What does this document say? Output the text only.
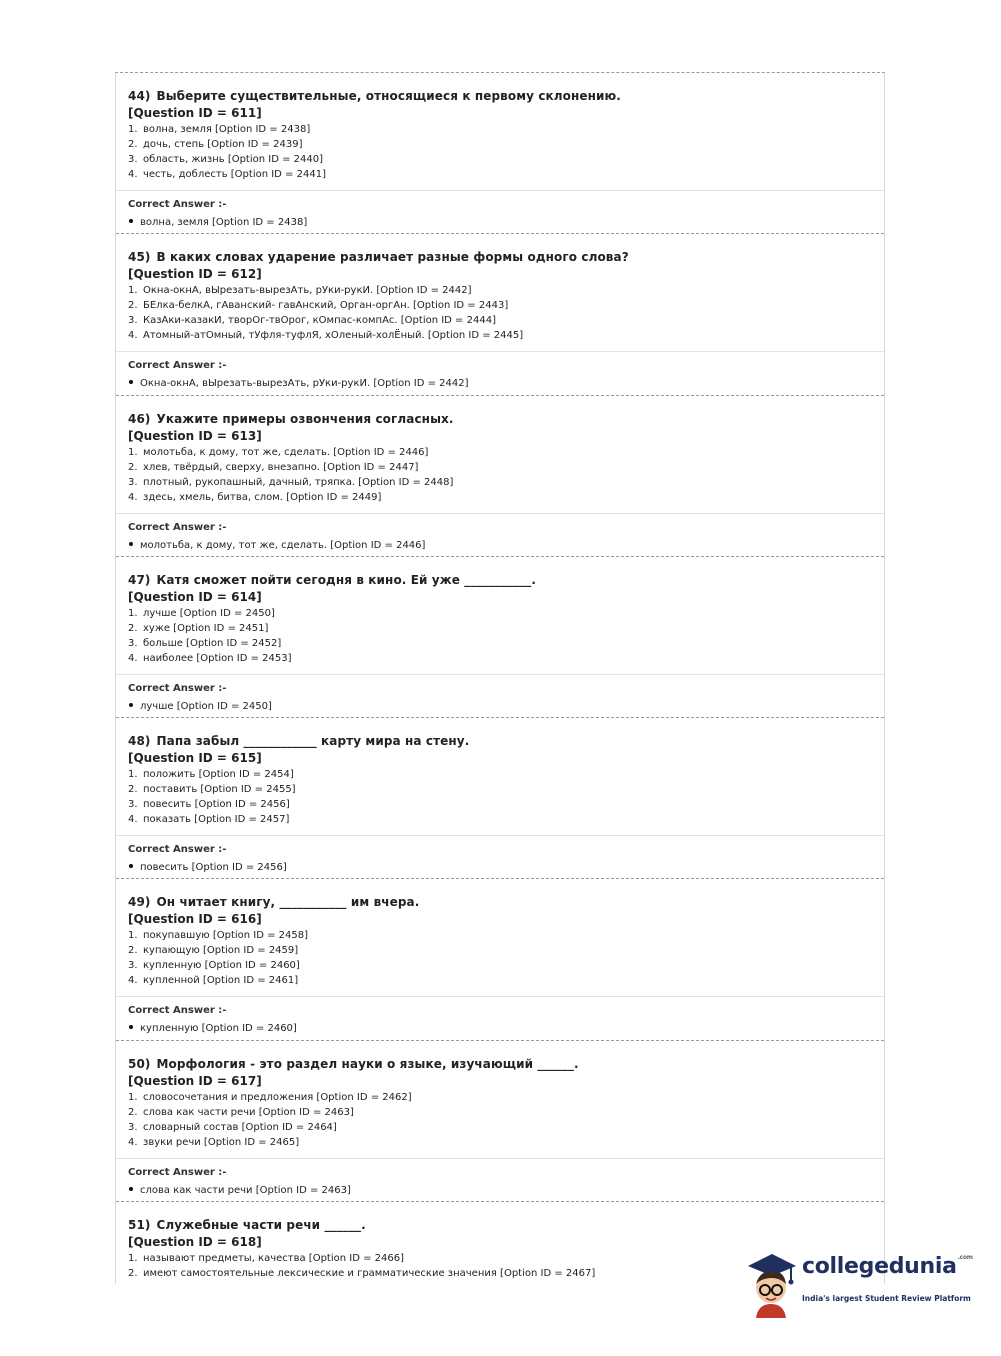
44) Выберите существительные, относящиеся к первому склонению.
[Question ID = 611]
1. волна, земля [Option ID = 2438]
2. дочь, степь [Option ID = 2439]
3. область, жизнь [Option ID = 2440]
4. честь, доблесть [Option ID = 2441]
Correct Answer :-
волна, земля [Option ID = 2438]
45) В каких словах ударение различает разные формы одного слова?
[Question ID = 612]
1. Окна-окнА, вЫрезать-вырезАть, рУки-рукИ. [Option ID = 2442]
2. БЕлка-белкА, гАванский- гавАнский, Орган-оргАн. [Option ID = 2443]
3. КазАки-казакИ, творОг-твОрог, кОмпас-компАс. [Option ID = 2444]
4. Атомный-атОмный, тУфля-туфлЯ, хОленый-холЁный. [Option ID = 2445]
Correct Answer :-
Окна-окнА, вЫрезать-вырезАть, рУки-рукИ. [Option ID = 2442]
46) Укажите примеры озвончения согласных.
[Question ID = 613]
1. молотьба, к дому, тот же, сделать. [Option ID = 2446]
2. хлев, твёрдый, сверху, внезапно. [Option ID = 2447]
3. плотный, рукопашный, дачный, тряпка. [Option ID = 2448]
4. здесь, хмель, битва, слом. [Option ID = 2449]
Correct Answer :-
молотьба, к дому, тот же, сделать. [Option ID = 2446]
47) Катя сможет пойти сегодня в кино. Ей уже ___________.
[Question ID = 614]
1. лучше [Option ID = 2450]
2. хуже [Option ID = 2451]
3. больше [Option ID = 2452]
4. наиболее [Option ID = 2453]
Correct Answer :-
лучше [Option ID = 2450]
48) Папа забыл ____________ карту мира на стену.
[Question ID = 615]
1. положить [Option ID = 2454]
2. поставить [Option ID = 2455]
3. повесить [Option ID = 2456]
4. показать [Option ID = 2457]
Correct Answer :-
повесить [Option ID = 2456]
49) Он читает книгу, ___________ им вчера.
[Question ID = 616]
1. покупавшую [Option ID = 2458]
2. купающую [Option ID = 2459]
3. купленную [Option ID = 2460]
4. купленной [Option ID = 2461]
Correct Answer :-
купленную [Option ID = 2460]
50) Морфология - это раздел науки о языке, изучающий ______.
[Question ID = 617]
1. словосочетания и предложения [Option ID = 2462]
2. слова как части речи [Option ID = 2463]
3. словарный состав [Option ID = 2464]
4. звуки речи [Option ID = 2465]
Correct Answer :-
слова как части речи [Option ID = 2463]
51) Служебные части речи ______.
[Question ID = 618]
1. называют предметы, качества [Option ID = 2466]
2. имеют самостоятельные лексические и грамматические значения [Option ID = 2467]	collegedunia$^{.com}$
India's largest Student Review Platform
